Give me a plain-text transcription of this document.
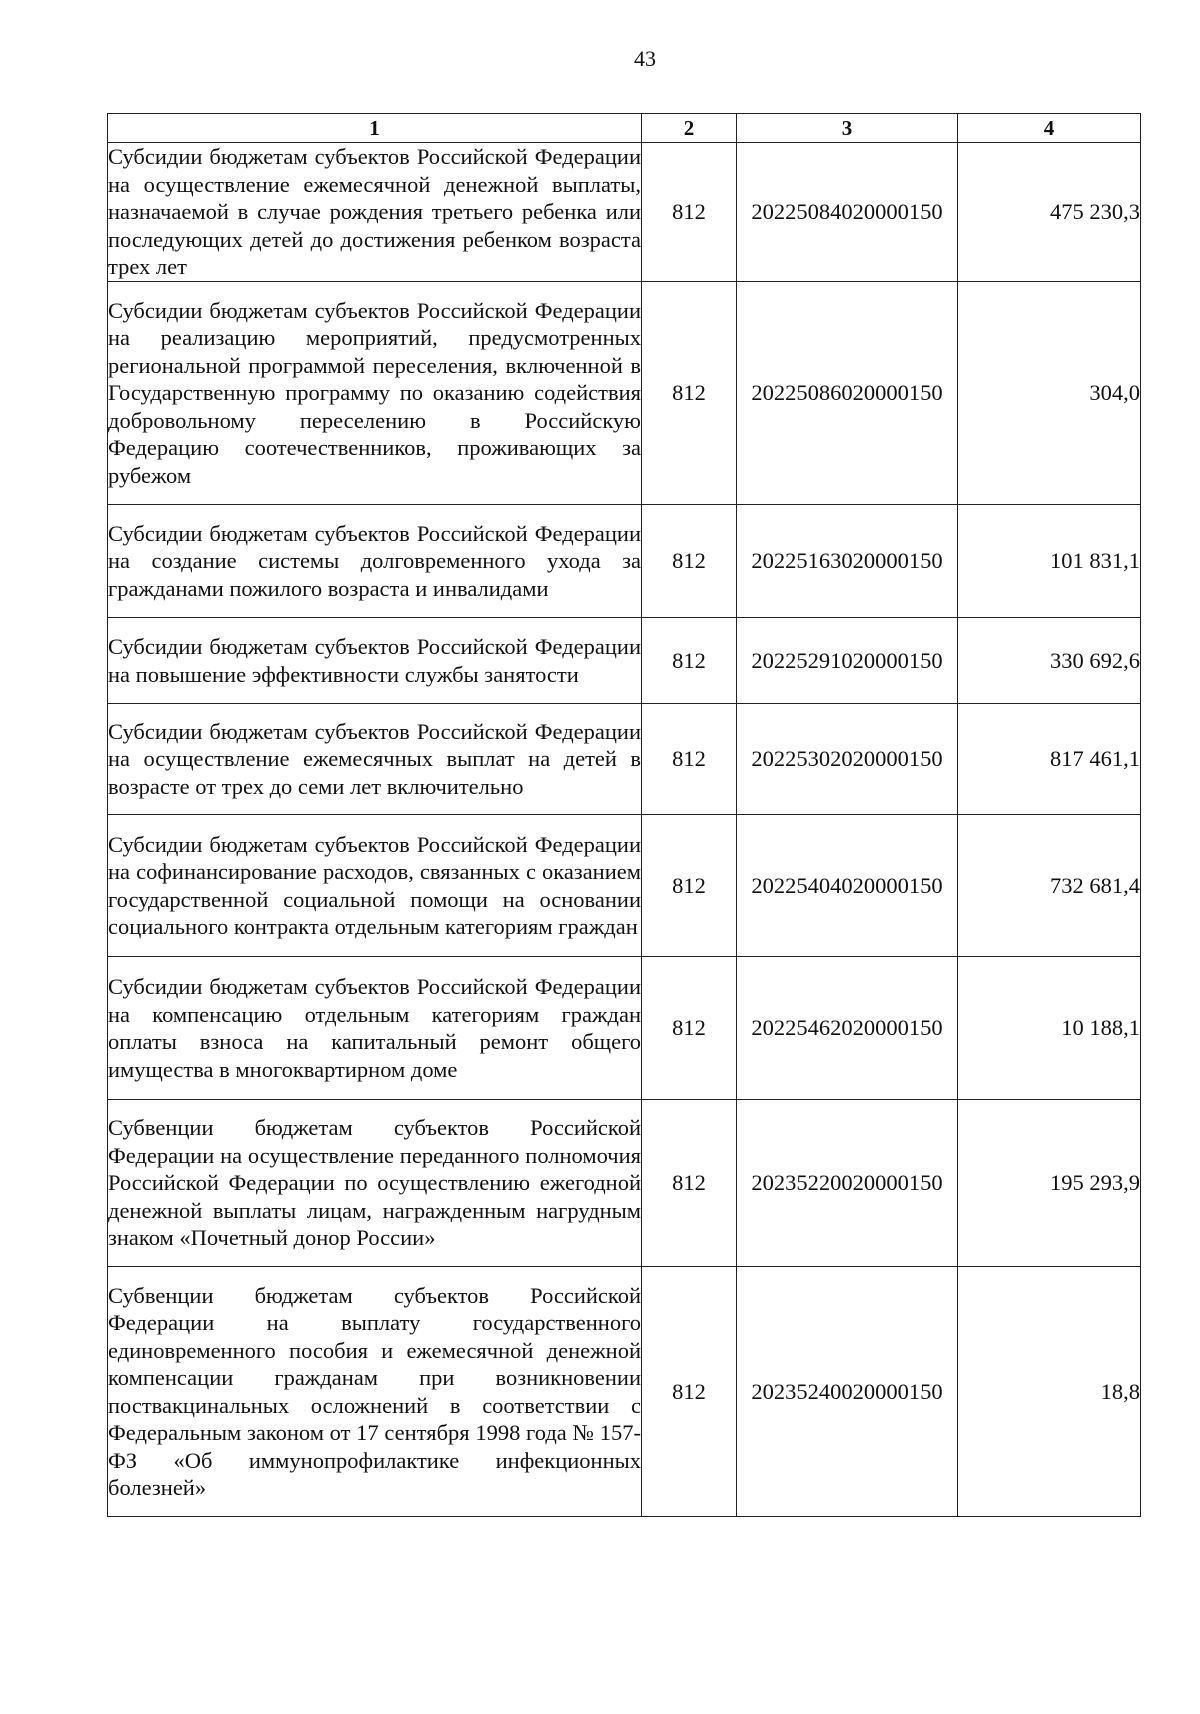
43
1	2	3	4
Субсидии бюджетам субъектов Российской Федерации на осуществление ежемесячной денежной выплаты, назначаемой в случае рождения третьего ребенка или последующих детей до достижения ребенком возраста трех лет	812	20225084020000150	475 230,3
Субсидии бюджетам субъектов Российской Федерации на реализацию мероприятий, предусмотренных региональной программой переселения, включенной в Государственную программу по оказанию содействия добровольному переселению в Российскую Федерацию соотечественников, проживающих за рубежом	812	20225086020000150	304,0
Субсидии бюджетам субъектов Российской Федерации на создание системы долговременного ухода за гражданами пожилого возраста и инвалидами	812	20225163020000150	101 831,1
Субсидии бюджетам субъектов Российской Федерации на повышение эффективности службы занятости	812	20225291020000150	330 692,6
Субсидии бюджетам субъектов Российской Федерации на осуществление ежемесячных выплат на детей в возрасте от трех до семи лет включительно	812	20225302020000150	817 461,1
Субсидии бюджетам субъектов Российской Федерации на софинансирование расходов, связанных с оказанием государственной социальной помощи на основании социального контракта отдельным категориям граждан	812	20225404020000150	732 681,4
Субсидии бюджетам субъектов Российской Федерации на компенсацию отдельным категориям граждан оплаты взноса на капитальный ремонт общего имущества в многоквартирном доме	812	20225462020000150	10 188,1
Субвенции бюджетам субъектов Российской Федерации на осуществление переданного полномочия Российской Федерации по осуществлению ежегодной денежной выплаты лицам, награжденным нагрудным знаком «Почетный донор России»	812	20235220020000150	195 293,9
Субвенции бюджетам субъектов Российской Федерации на выплату государственного единовременного пособия и ежемесячной денежной компенсации гражданам при возникновении поствакцинальных осложнений в соответствии с Федеральным законом от 17 сентября 1998 года № 157-ФЗ «Об иммунопрофилактике инфекционных болезней»	812	20235240020000150	18,8
